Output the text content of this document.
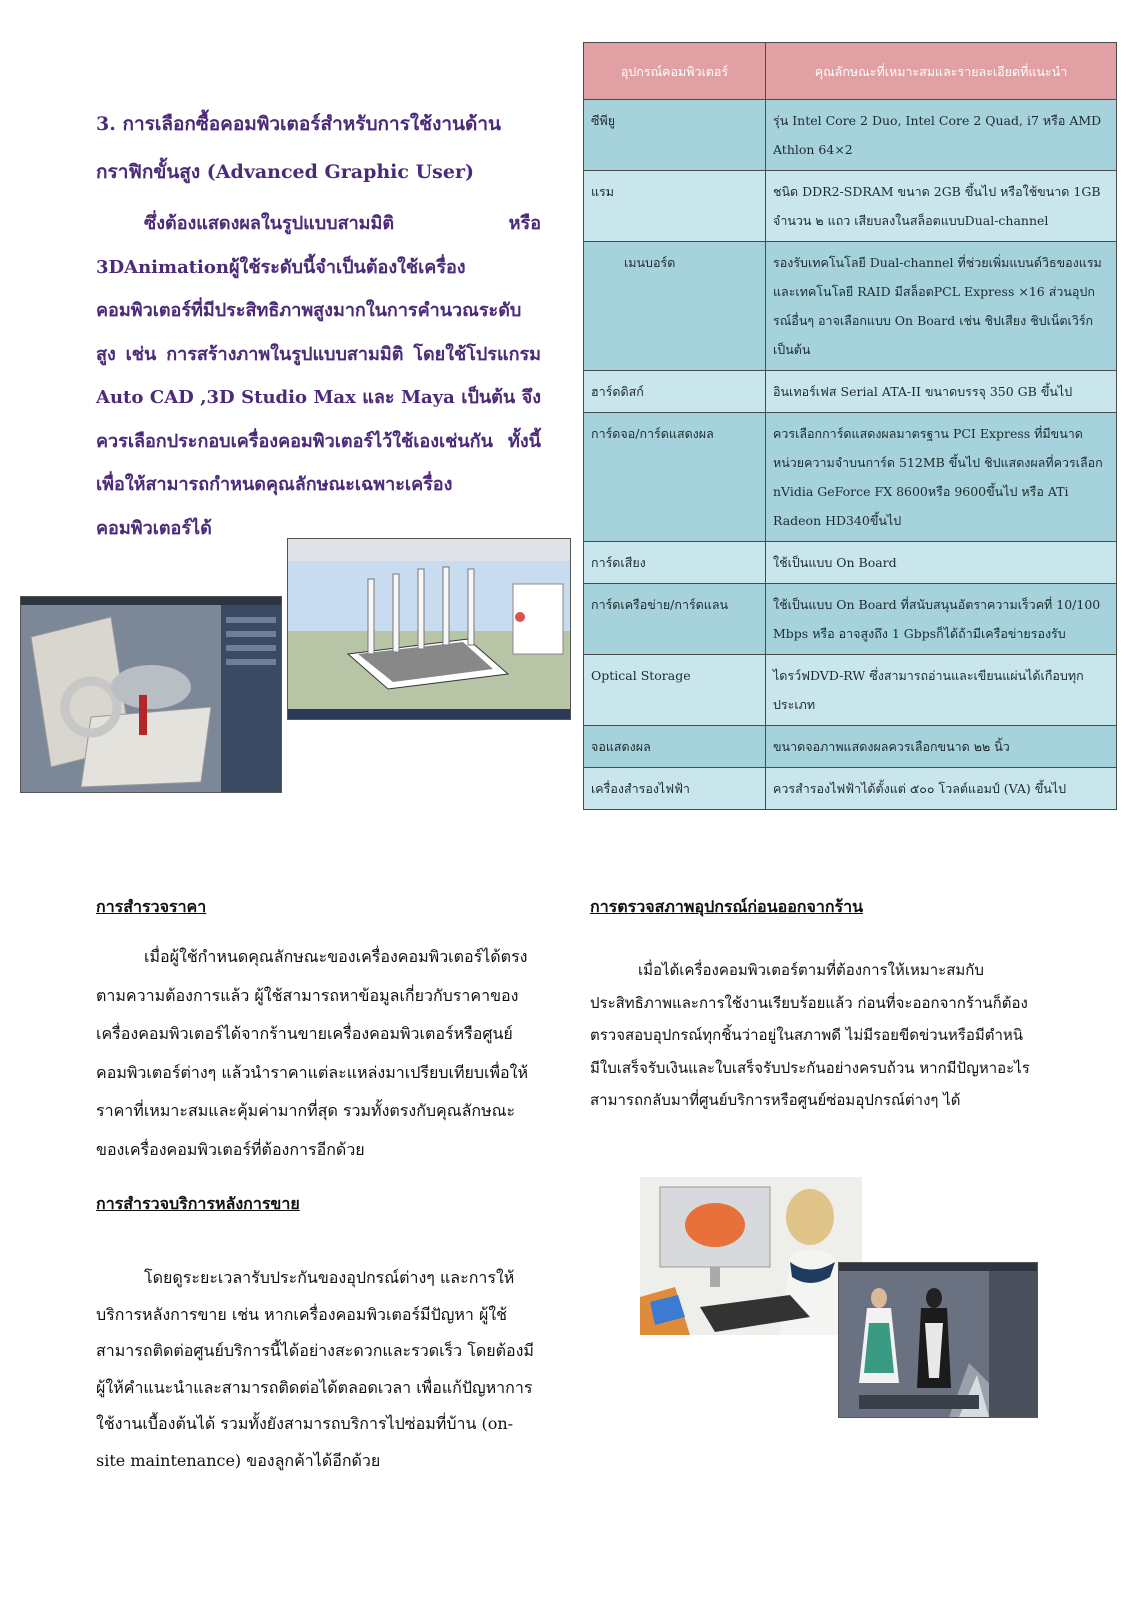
3. การเลือกซื้อคอมพิวเตอร์สำหรับการใช้งานด้าน
กราฟิกขั้นสูง (Advanced Graphic User)
ซึ่งต้องแสดงผลในรูปแบบสามมิติ หรือ 3DAnimationผู้ใช้ระดับนี้จำเป็นต้องใช้เครื่องคอมพิวเตอร์ที่มีประสิทธิภาพสูงมากในการคำนวณระดับสูง เช่น การสร้างภาพในรูปแบบสามมิติ โดยใช้โปรแกรม Auto CAD ,3D Studio Max และ Maya เป็นต้น จึงควรเลือกประกอบเครื่องคอมพิวเตอร์ไว้ใช้เองเช่นกัน ทั้งนี้เพื่อให้สามารถกำหนดคุณลักษณะเฉพาะเครื่องคอมพิวเตอร์ได้
อุปกรณ์คอมพิวเตอร์	คุณลักษณะที่เหมาะสมและรายละเอียดที่แนะนำ
ซีพียู	รุ่น Intel Core 2 Duo, Intel Core 2 Quad, i7 หรือ AMD Athlon 64×2
แรม	ชนิด DDR2-SDRAM ขนาด 2GB ขึ้นไป หรือใช้ขนาด 1GB จำนวน ๒ แถว เสียบลงในสล็อตแบบDual-channel
เมนบอร์ด	รองรับเทคโนโลยี Dual-channel ที่ช่วยเพิ่มแบนด์วิธของแรม และเทคโนโลยี RAID มีสล็อตPCL Express ×16 ส่วนอุปกรณ์อื่นๆ อาจเลือกแบบ On Board เช่น ชิปเสียง ชิปเน็ตเวิร์ก เป็นต้น
ฮาร์ดดิสก์	อินเทอร์เฟส Serial ATA-II ขนาดบรรจุ 350 GB ขึ้นไป
การ์ดจอ/การ์ดแสดงผล	ควรเลือกการ์ดแสดงผลมาตรฐาน PCI Express ที่มีขนาดหน่วยความจำบนการ์ด 512MB ขึ้นไป ชิปแสดงผลที่ควรเลือก nVidia GeForce FX 8600หรือ 9600ขึ้นไป หรือ ATi Radeon HD340ขึ้นไป
การ์ดเสียง	ใช้เป็นแบบ On Board
การ์ดเครือข่าย/การ์ดแลน	ใช้เป็นแบบ On Board ที่สนับสนุนอัตราความเร็วคที่ 10/100 Mbps หรือ อาจสูงถึง 1 Gbpsก็ได้ถ้ามีเครือข่ายรองรับ
Optical Storage	ไดรว์ฟDVD-RW ซึ่งสามารถอ่านและเขียนแผ่นได้เกือบทุกประเภท
จอแสดงผล	ขนาดจอภาพแสดงผลควรเลือกขนาด ๒๒ นิ้ว
เครื่องสำรองไฟฟ้า	ควรสำรองไฟฟ้าได้ตั้งแต่ ๕๐๐ โวลต์แอมป์ (VA) ขึ้นไป
การสำรวจราคา
เมื่อผู้ใช้กำหนดคุณลักษณะของเครื่องคอมพิวเตอร์ได้ตรงตามความต้องการแล้ว ผู้ใช้สามารถหาข้อมูลเกี่ยวกับราคาของเครื่องคอมพิวเตอร์ได้จากร้านขายเครื่องคอมพิวเตอร์หรือศูนย์คอมพิวเตอร์ต่างๆ แล้วนำราคาแต่ละแหล่งมาเปรียบเทียบเพื่อให้ราคาที่เหมาะสมและคุ้มค่ามากที่สุด รวมทั้งตรงกับคุณลักษณะของเครื่องคอมพิวเตอร์ที่ต้องการอีกด้วย
การสำรวจบริการหลังการขาย
โดยดูระยะเวลารับประกันของอุปกรณ์ต่างๆ และการให้บริการหลังการขาย เช่น หากเครื่องคอมพิวเตอร์มีปัญหา ผู้ใช้สามารถติดต่อศูนย์บริการนี้ได้อย่างสะดวกและรวดเร็ว โดยต้องมีผู้ให้คำแนะนำและสามารถติดต่อได้ตลอดเวลา เพื่อแก้ปัญหาการใช้งานเบื้องต้นได้ รวมทั้งยังสามารถบริการไปซ่อมที่บ้าน (on-site maintenance) ของลูกค้าได้อีกด้วย
การตรวจสภาพอุปกรณ์ก่อนออกจากร้าน
เมื่อได้เครื่องคอมพิวเตอร์ตามที่ต้องการให้เหมาะสมกับประสิทธิภาพและการใช้งานเรียบร้อยแล้ว ก่อนที่จะออกจากร้านก็ต้องตรวจสอบอุปกรณ์ทุกชิ้นว่าอยู่ในสภาพดี ไม่มีรอยขีดข่วนหรือมีตำหนิ มีใบเสร็จรับเงินและใบเสร็จรับประกันอย่างครบถ้วน หากมีปัญหาอะไรสามารถกลับมาที่ศูนย์บริการหรือศูนย์ซ่อมอุปกรณ์ต่างๆ ได้
